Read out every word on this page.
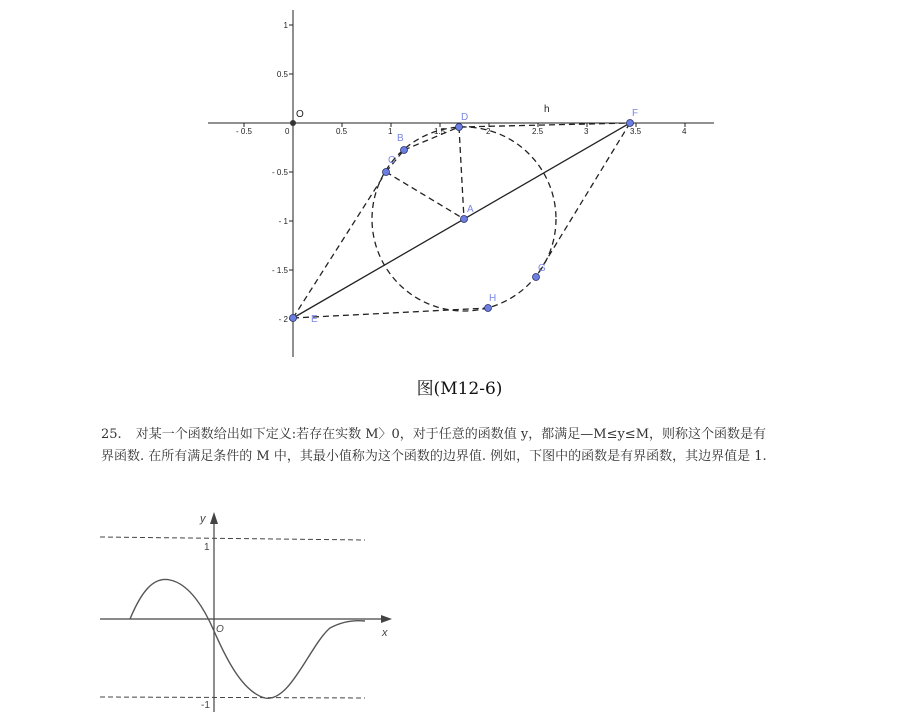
- 0.5	0	0.5	1	1.5	2	2.5	3	3.5	4
1
0.5
- 0.5
- 1
- 1.5
- 2
O
A
B
C
D
E
F
G
H
h
图(M12-6)

25. 对某一个函数给出如下定义:若存在实数 M〉0，对于任意的函数值 y，都满足—M≤y≤M，则称这个函数是有界函数. 在所有满足条件的 M 中，其最小值称为这个函数的边界值. 例如，下图中的函数是有界函数，其边界值是 1.

y
x
O
1
-1
